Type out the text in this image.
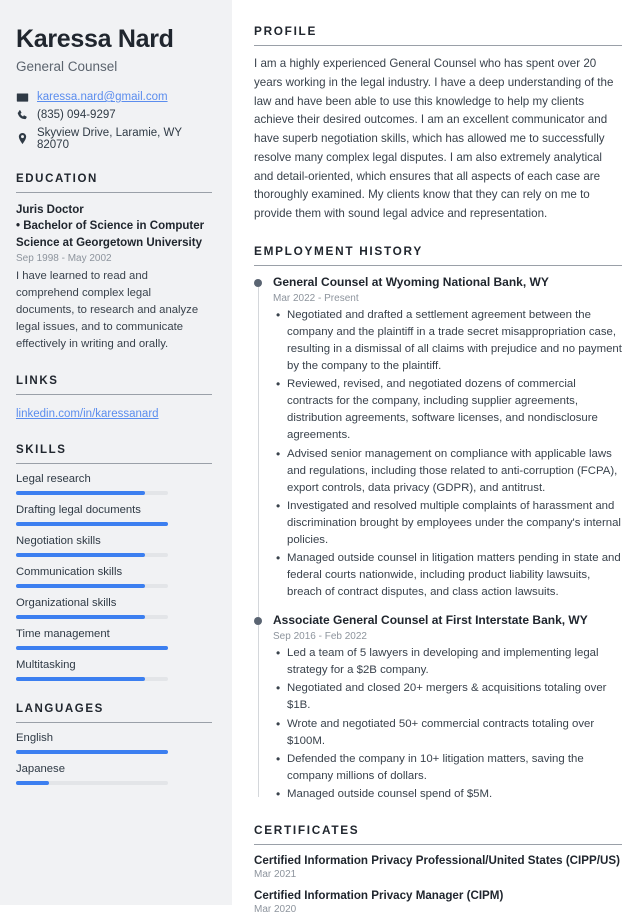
Karessa Nard
General Counsel
karessa.nard@gmail.com
(835) 094-9297
Skyview Drive, Laramie, WY 82070
EDUCATION
Juris Doctor
• Bachelor of Science in Computer Science at Georgetown University
Sep 1998 - May 2002
I have learned to read and comprehend complex legal documents, to research and analyze legal issues, and to communicate effectively in writing and orally.
LINKS
linkedin.com/in/karessanard
SKILLS
Legal research
Drafting legal documents
Negotiation skills
Communication skills
Organizational skills
Time management
Multitasking
LANGUAGES
English
Japanese
PROFILE

I am a highly experienced General Counsel who has spent over 20 years working in the legal industry. I have a deep understanding of the law and have been able to use this knowledge to help my clients achieve their desired outcomes. I am an excellent communicator and have superb negotiation skills, which has allowed me to successfully resolve many complex legal disputes. I am also extremely analytical and detail-oriented, which ensures that all aspects of each case are thoroughly examined. My clients know that they can rely on me to provide them with sound legal advice and representation.

EMPLOYMENT HISTORY
General Counsel at Wyoming National Bank, WY
Mar 2022 - Present
• Negotiated and drafted a settlement agreement between the company and the plaintiff in a trade secret misappropriation case, resulting in a dismissal of all claims with prejudice and no payment by the company to the plaintiff.
• Reviewed, revised, and negotiated dozens of commercial contracts for the company, including supplier agreements, distribution agreements, software licenses, and nondisclosure agreements.
• Advised senior management on compliance with applicable laws and regulations, including those related to anti-corruption (FCPA), export controls, data privacy (GDPR), and antitrust.
• Investigated and resolved multiple complaints of harassment and discrimination brought by employees under the company's internal policies.
• Managed outside counsel in litigation matters pending in state and federal courts nationwide, including product liability lawsuits, breach of contract disputes, and class action lawsuits.
Associate General Counsel at First Interstate Bank, WY
Sep 2016 - Feb 2022
• Led a team of 5 lawyers in developing and implementing legal strategy for a $2B company.
• Negotiated and closed 20+ mergers & acquisitions totaling over $1B.
• Wrote and negotiated 50+ commercial contracts totaling over $100M.
• Defended the company in 10+ litigation matters, saving the company millions of dollars.
• Managed outside counsel spend of $5M.
CERTIFICATES
Certified Information Privacy Professional/United States (CIPP/US)
Mar 2021
Certified Information Privacy Manager (CIPM)
Mar 2020
